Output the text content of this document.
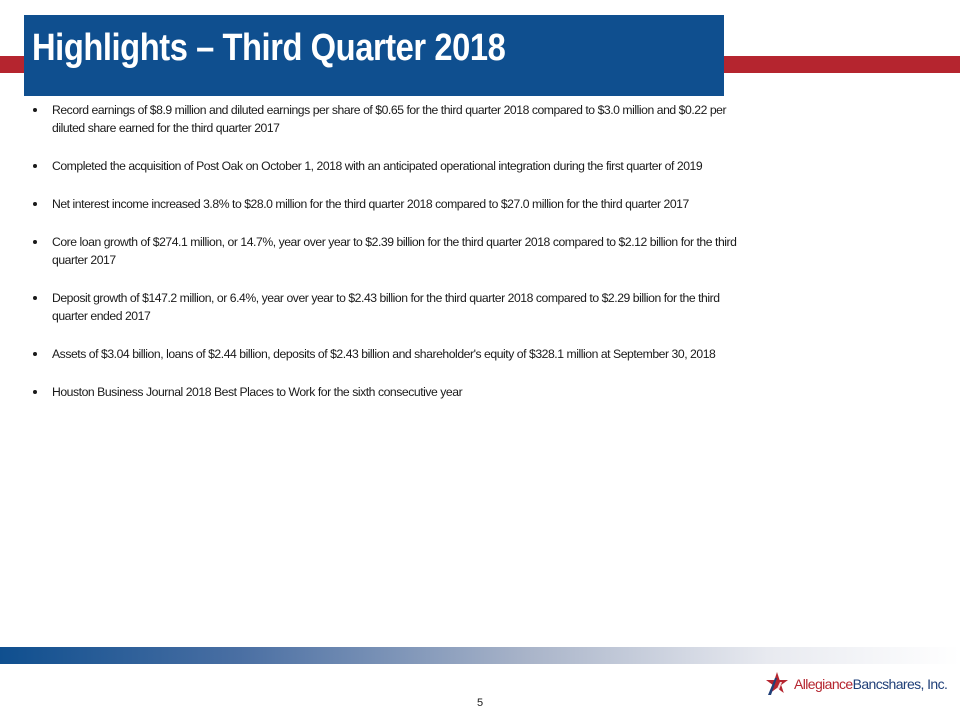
Highlights – Third Quarter 2018
Record earnings of $8.9 million and diluted earnings per share of $0.65 for the third quarter 2018 compared to $3.0 million and $0.22 per diluted share earned for the third quarter 2017
Completed the acquisition of Post Oak on October 1, 2018 with an anticipated operational integration during the first quarter of 2019
Net interest income increased 3.8% to $28.0 million for the third quarter 2018 compared to $27.0 million for the third quarter 2017
Core loan growth of $274.1 million, or 14.7%, year over year to $2.39 billion for the third quarter 2018 compared to $2.12 billion for the third quarter 2017
Deposit growth of $147.2 million, or 6.4%, year over year to $2.43 billion for the third quarter 2018 compared to $2.29 billion for the third quarter ended 2017
Assets of $3.04 billion, loans of $2.44 billion, deposits of $2.43 billion and shareholder's equity of $328.1 million at September 30, 2018
Houston Business Journal 2018 Best Places to Work for the sixth consecutive year
AllegianceBancshares, Inc.
5
